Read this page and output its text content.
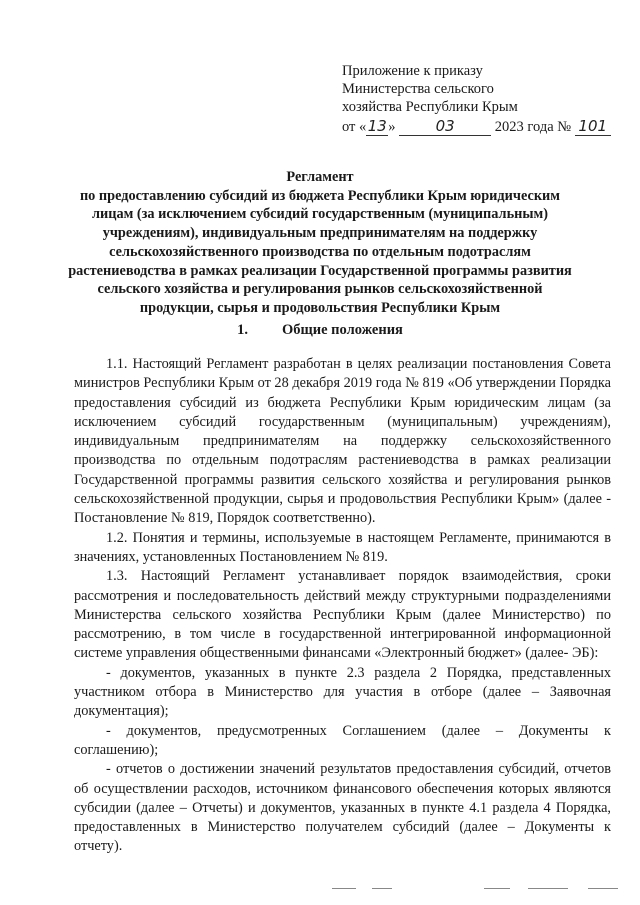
Приложение к приказу
Министерства сельского
хозяйства Республики Крым
от «13»	03	2023 года № 101
Регламент
по предоставлению субсидий из бюджета Республики Крым юридическим
лицам (за исключением субсидий государственным (муниципальным)
учреждениям), индивидуальным предпринимателям на поддержку
сельскохозяйственного производства по отдельным подотраслям
растениеводства в рамках реализации Государственной программы развития
сельского хозяйства и регулирования рынков сельскохозяйственной
продукции, сырья и продовольствия Республики Крым
1. Общие положения

1.1. Настоящий Регламент разработан в целях реализации постановления Совета министров Республики Крым от 28 декабря 2019 года № 819 «Об утверждении Порядка предоставления субсидий из бюджета Республики Крым юридическим лицам (за исключением субсидий государственным (муниципальным) учреждениям), индивидуальным предпринимателям на поддержку сельскохозяйственного производства по отдельным подотраслям растениеводства в рамках реализации Государственной программы развития сельского хозяйства и регулирования рынков сельскохозяйственной продукции, сырья и продовольствия Республики Крым» (далее - Постановление № 819, Порядок соответственно).

1.2. Понятия и термины, используемые в настоящем Регламенте, принимаются в значениях, установленных Постановлением № 819.

1.3. Настоящий Регламент устанавливает порядок взаимодействия, сроки рассмотрения и последовательность действий между структурными подразделениями Министерства сельского хозяйства Республики Крым (далее Министерство) по рассмотрению, в том числе в государственной интегрированной информационной системе управления общественными финансами «Электронный бюджет» (далее- ЭБ):

- документов, указанных в пункте 2.3 раздела 2 Порядка, представленных участником отбора в Министерство для участия в отборе (далее – Заявочная документация);

- документов, предусмотренных Соглашением (далее – Документы к соглашению);

- отчетов о достижении значений результатов предоставления субсидий, отчетов об осуществлении расходов, источником финансового обеспечения которых являются субсидии (далее – Отчеты) и документов, указанных в пункте 4.1 раздела 4 Порядка, предоставленных в Министерство получателем субсидий (далее – Документы к отчету).
